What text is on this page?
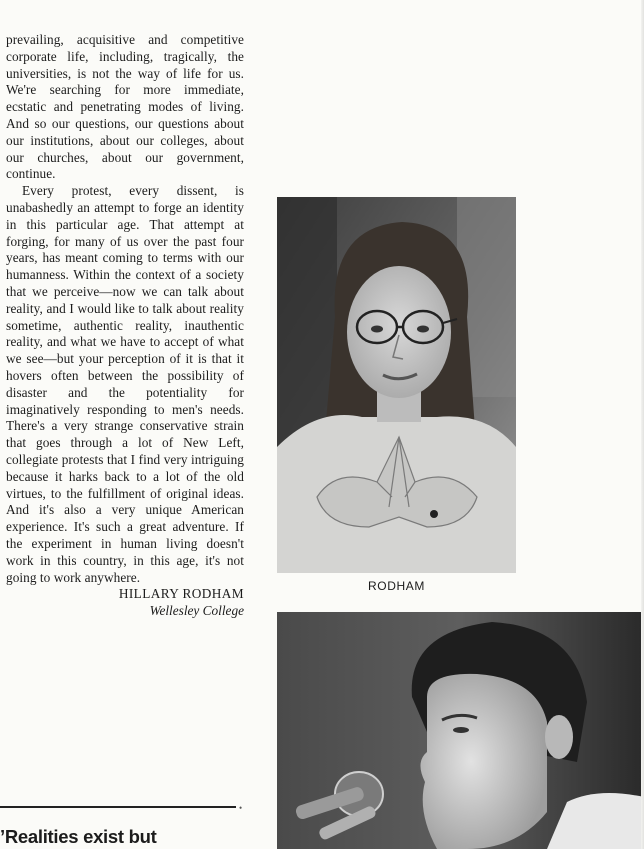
prevailing, acquisitive and competitive corporate life, including, tragically, the universities, is not the way of life for us. We're searching for more immediate, ecstatic and penetrating modes of living. And so our questions, our questions about our institutions, about our colleges, about our churches, about our government, continue.

Every protest, every dissent, is unabashedly an attempt to forge an identity in this particular age. That attempt at forging, for many of us over the past four years, has meant coming to terms with our humanness. Within the context of a society that we perceive—now we can talk about reality, and I would like to talk about reality sometime, authentic reality, inauthentic reality, and what we have to accept of what we see—but your perception of it is that it hovers often between the possibility of disaster and the potentiality for imaginatively responding to men's needs. There's a very strange conservative strain that goes through a lot of New Left, collegiate protests that I find very intriguing because it harks back to a lot of the old virtues, to the fulfillment of original ideas. And it's also a very unique American experience. It's such a great adventure. If the experiment in human living doesn't work in this country, in this age, it's not going to work anywhere.

HILLARY RODHAM
Wellesley College
•
’Realities exist but
RODHAM
